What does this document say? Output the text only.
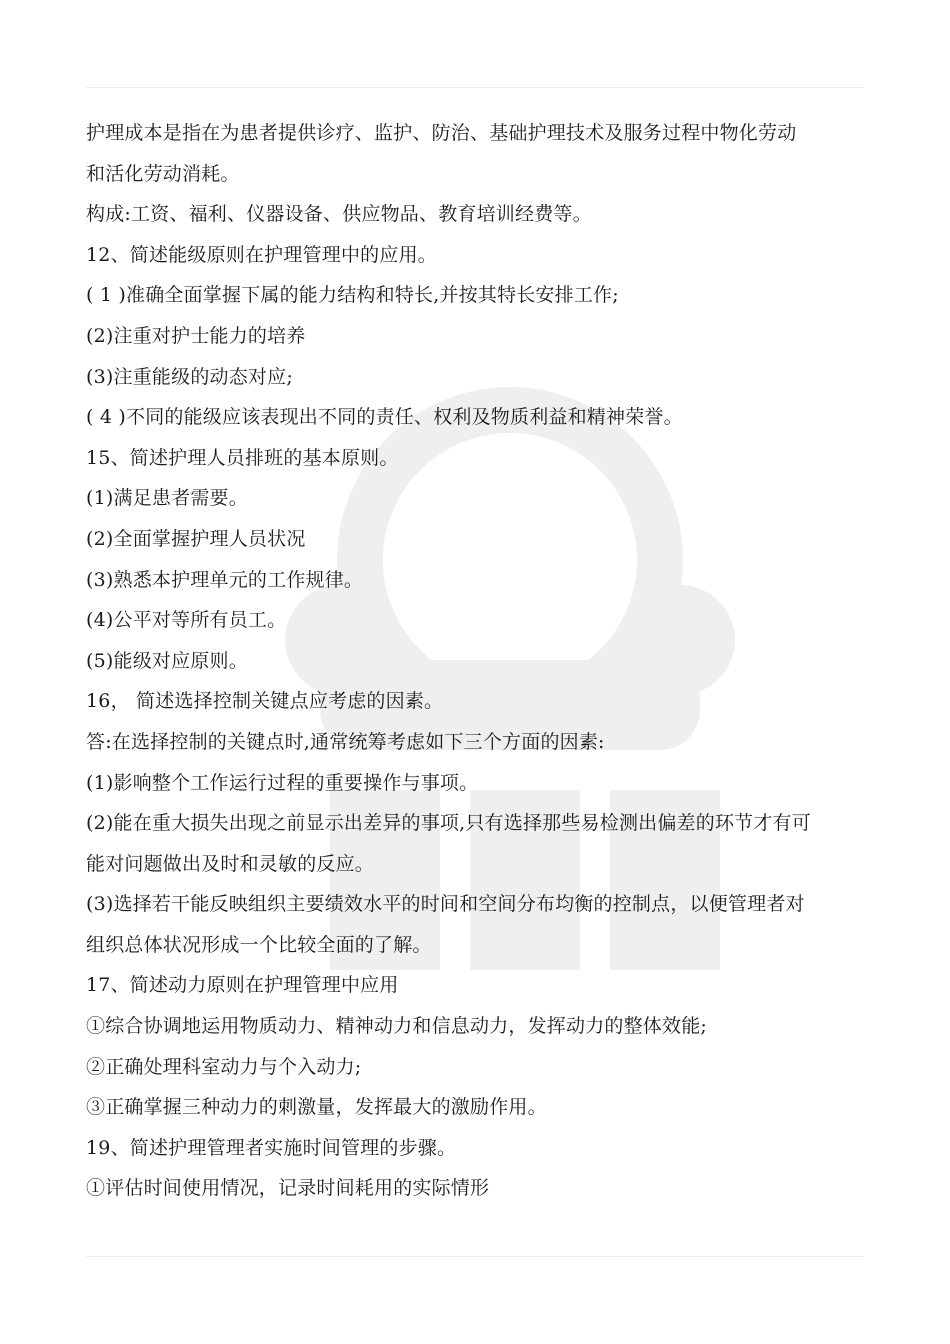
护理成本是指在为患者提供诊疗、监护、防治、基础护理技术及服务过程中物化劳动
和活化劳动消耗。
构成:工资、福利、仪器设备、供应物品、教育培训经费等。
12、简述能级原则在护理管理中的应用。
( 1 )准确全面掌握下属的能力结构和特长,并按其特长安排工作;
(2)注重对护士能力的培养
(3)注重能级的动态对应;
( 4 )不同的能级应该表现出不同的责任、权利及物质利益和精神荣誉。
15、简述护理人员排班的基本原则。
(1)满足患者需要。
(2)全面掌握护理人员状况
(3)熟悉本护理单元的工作规律。
(4)公平对等所有员工。
(5)能级对应原则。
16， 简述选择控制关键点应考虑的因素。
答:在选择控制的关键点时,通常统筹考虑如下三个方面的因素:
(1)影响整个工作运行过程的重要操作与事项。
(2)能在重大损失出现之前显示出差异的事项,只有选择那些易检测出偏差的环节才有可
能对问题做出及时和灵敏的反应。
(3)选择若干能反映组织主要绩效水平的时间和空间分布均衡的控制点，以便管理者对
组织总体状况形成一个比较全面的了解。
17、简述动力原则在护理管理中应用
①综合协调地运用物质动力、精神动力和信息动力，发挥动力的整体效能;
②正确处理科室动力与个入动力;
③正确掌握三种动力的刺激量，发挥最大的激励作用。
19、简述护理管理者实施时间管理的步骤。
①评估时间使用情况，记录时间耗用的实际情形
